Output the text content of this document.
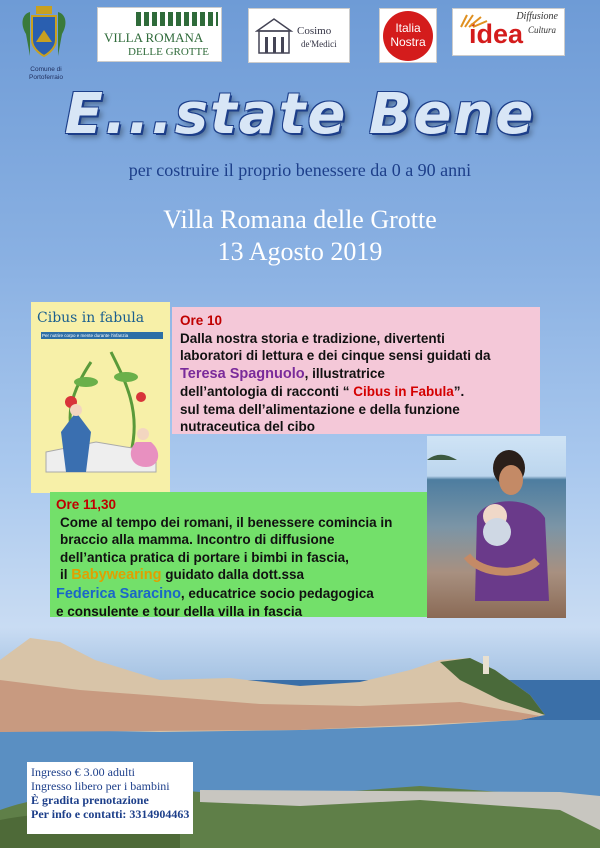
Comune di
Portoferraio
VILLA ROMANA
DELLE GROTTE
Cosimo
de'Medici
Italia
Nostra
Diffusione
idea Cultura
E...state Bene
per costruire il proprio benessere da 0 a 90 anni
Villa Romana delle Grotte
13 Agosto 2019
Cibus in fabula
Per nutrire corpo e mente durante l'infanzia
Ore 10
Dalla nostra storia e tradizione, divertenti
laboratori di lettura e dei cinque sensi guidati da
Teresa Spagnuolo, illustratrice
dell’antologia di racconti “ Cibus in Fabula”.
sul tema dell’alimentazione e della funzione
nutraceutica del cibo
Ore 11,30
Come al tempo dei romani, il benessere comincia in
braccio alla mamma. Incontro di diffusione
dell’antica pratica di portare i bimbi in fascia,
il Babywearing guidato dalla dott.ssa
Federica Saracino, educatrice socio pedagogica
e consulente e tour della villa in fascia
Ingresso € 3.00 adulti
Ingresso libero per i bambini
È gradita prenotazione
Per info e contatti: 3314904463
